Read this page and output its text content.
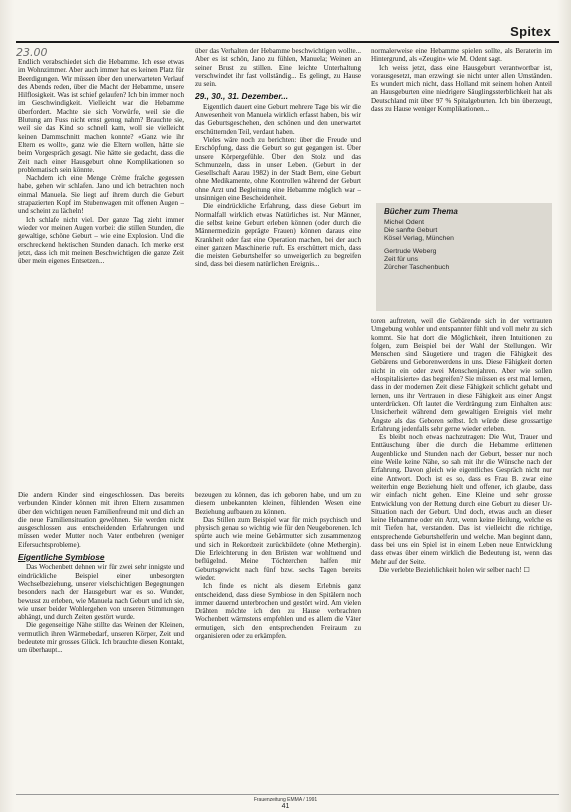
Spitex
23.00

Endlich verabschiedet sich die Hebamme. Ich esse etwas im Wohnzimmer. Aber auch immer hat es keinen Platz für Beerdigungen. Wir müssen über den unerwarteten Verlauf des Abends reden, über die Macht der Hebamme, unsere Hilflosigkeit. Was ist schief gelaufen? Ich bin immer noch im Geschwindigkeit. Vielleicht war die Hebamme überfordert. Machte sie sich Vorwürfe, weil sie die Blutung am Fuss nicht ernst genug nahm? Brauchte sie, weil sie das Kind so schnell kam, woll sie vielleicht keinen Dammschnitt machen konnte? «Ganz wie ihr Eltern es wollt», ganz wie die Eltern wollen, hätte sie beim Vorgespräch gesagt. Nie hätte sie gedacht, dass die Zeit nach einer Hausgeburt ohne Komplikationen so problematisch sein könnte.

Nachdem ich eine Menge Crème fraîche gegessen habe, gehen wir schlafen. Jano und ich betrachten noch einmal Manuela. Sie liegt auf ihrem durch die Geburt strapazierten Kopf im Stubenwagen mit offenen Augen – und scheint zu lächeln!

Ich schlafe nicht viel. Der ganze Tag zieht immer wieder vor meinen Augen vorbei: die stillen Stunden, die gewaltige, schöne Geburt – wie eine Explosion. Und die erschreckend hektischen Stunden danach. Ich merke erst jetzt, dass ich mit meinen Beschwichtigen die ganze Zeit über mein eigenes Entsetzen...

über das Verhalten der Hebamme beschwichtigen wollte... Aber es ist schön, Jano zu fühlen, Manuela; Weinen an seiner Brust zu stillen. Eine leichte Unterhaltung verschwindet ihr fast vollständig... Es gelingt, zu Hause zu sein.

29., 30., 31. Dezember...

Eigentlich dauert eine Geburt mehrere Tage bis wir die Anwesenheit von Manuela wirklich erfasst haben, bis wir das Geburtsgeschehen, den schönen und den unerwartet erschütternden Teil, verdaut haben.

Vieles wäre noch zu berichten: über die Freude und Erschöpfung, dass die Geburt so gut gegangen ist. Über unsere Körpergefühle. Über den Stolz und das Schmunzeln, dass in unser Leben. (Geburt in der Gesellschaft Aarau 1982) in der Stadt Bern, eine Geburt ohne Medikamente, ohne Kontrollen während der Geburt ohne Arzt und Begleitung eine Hebamme möglich war – unsinnigen eine Bescheidenheit.

Die eindrückliche Erfahrung, dass diese Geburt im Normalfall wirklich etwas Natürliches ist. Nur Männer, die selbst keine Geburt erleben können (oder durch die Männermedizin geprägte Frauen) können daraus eine Krankheit oder fast eine Operation machen, bei der auch einer ganzen Maschinerie ruft. Es erschüttert mich, dass die meisten Geburtshelfer so unweigerlich zu begreifen sind, dass bei diesem natürlichen Ereignis...

normalerweise eine Hebamme spielen sollte, als Beraterin im Hintergrund, als «Zeugin» wie M. Odent sagt.

Ich weiss jetzt, dass eine Hausgeburt verantwortbar ist, vorausgesetzt, man erzwingt sie nicht unter allen Umständen. Es wundert mich nicht, dass Holland mit seinem hohen Anteil an Hausgeburten eine niedrigere Säuglingssterblichkeit hat als Deutschland mit über 97 % Spitalgeburten. Ich bin überzeugt, dass zu Hause weniger Komplikationen...

Bücher zum Thema
Michel Odent
Die sanfte Geburt
Kösel Verlag, München
Gertrude Weberg
Zeit für uns
Zürcher Taschenbuch

toren auftreten, weil die Gebärende sich in der vertrauten Umgebung wohler und entspannter fühlt und voll mehr zu sich kommt. Sie hat dort die Möglichkeit, ihren Intuitionen zu folgen, zum Beispiel bei der Wahl der Stellungen. Wir Menschen sind Säugetiere und tragen die Fähigkeit des Gebärens und Geborenwerdens in uns. Diese Fähigkeit dorten nicht in ein oder zwei Menschenjahren. Aber wie sollen «Hospitalisierte» das begreifen? Sie müssen es erst mal lernen, dass in der modernen Zeit diese Fähigkeit schlicht gehabt und lernen, uns ihr Vertrauen in diese Fähigkeit aus einer Angst unterdrücken. Oft lautet die Verdrängung zum Einhalten aus: Unsicherheit während dem gewaltigen Ereignis viel mehr Ängste als das Geboren selbst. Ich würde diese grossartige Erfahrung jedenfalls sehr gerne wieder erleben.

Es bleibt noch etwas nachzutragen: Die Wut, Trauer und Enttäuschung über die durch die Hebamme erlittenen Augenblicke und Stunden nach der Geburt, besser nur noch eine Weile keine Nähe, so sah mit ihr die Wünsche nach der Erfahrung. Davon gleich wie eigentliches Gespräch nicht nur eine Antwort. Doch ist es so, dass es Frau B. zwar eine weiterhin enge Beziehung hielt und offener, ich glaube, dass wir einfach nicht gehen. Eine Kleine und sehr grosse Entwicklung von der Rettung durch eine Geburt zu dieser Ur-Situation nach der Geburt. Und doch, etwas auch an dieser keine Hebamme oder ein Arzt, wenn keine Heilung, welche es mit Tiefen hat, verstanden. Das ist vielleicht die richtige, entsprechende Geburtshelferin und welche. Man beginnt dann, dass bei uns ein Spiel ist in einem Leben neue Entwicklung dass etwas über einem wirklich die Bedeutung ist, wenn das Mehr auf der Seite.

Die verlebte Beziehlichkeit holen wir selber nach! ☐

Die andern Kinder sind eingeschlossen. Das bereits verbunden Kinder können mit ihren Eltern zusammen über den wichtigen neuen Familienfreund mit und dich an die neue Familiensituation gewöhnen. Sie werden nicht ausgeschlossen aus entscheidenden Erfahrungen und müssen weder Mutter noch Vater entbehren (weniger Eifersuchtsprobleme).

Eigentliche Symbiose

Das Wochenbett dehnen wir für zwei sehr innigste und eindrückliche Beispiel einer unbesorgten Wechselbeziehung, unserer vielschichtigen Begegnungen besonders nach der Hausgeburt war es so. Wunder, bewusst zu erleben, wie Manuela nach Geburt und ich sie, wie unser beider Wohlergehen von unseren Stimmungen abhängt, und durch Zeiten gestört wurde.

Die gegenseitige Nähe stillte das Weinen der Kleinen, vermutlich ihren Wärmebedarf, unseren Körper, Zeit und bedeutete mir grosses Glück. Ich brauchte diesen Kontakt, um überhaupt...

bezeugen zu können, das ich geboren habe, und um zu diesem unbekannten kleinen, fühlenden Wesen eine Beziehung aufbauen zu können.

Das Stillen zum Beispiel war für mich psychisch und physisch genau so wichtig wie für den Neugeborenen. Ich spürte auch wie meine Gebärmutter sich zusammenzog und sich in Rekordzeit zurückbildete (ohne Methergin). Die Erleichterung in den Brüsten war wohltuend und beflügelnd. Meine Töchterchen halfen mir Geburtsgewicht nach fünf bzw. sechs Tagen bereits wieder.

Ich finde es nicht als diesem Erlebnis ganz entscheidend, dass diese Symbiose in den Spitälern noch immer dauernd unterbrochen und gestört wird. Am vielen Drähten möchte ich den zu Hause verbrachten Wochenbett wärmstens empfehlen und es allem die Väter ermutigen, sich den entsprechenden Freiraum zu organisieren oder zu erkämpfen.

Frauenzeitung EMMA / 1991
41
